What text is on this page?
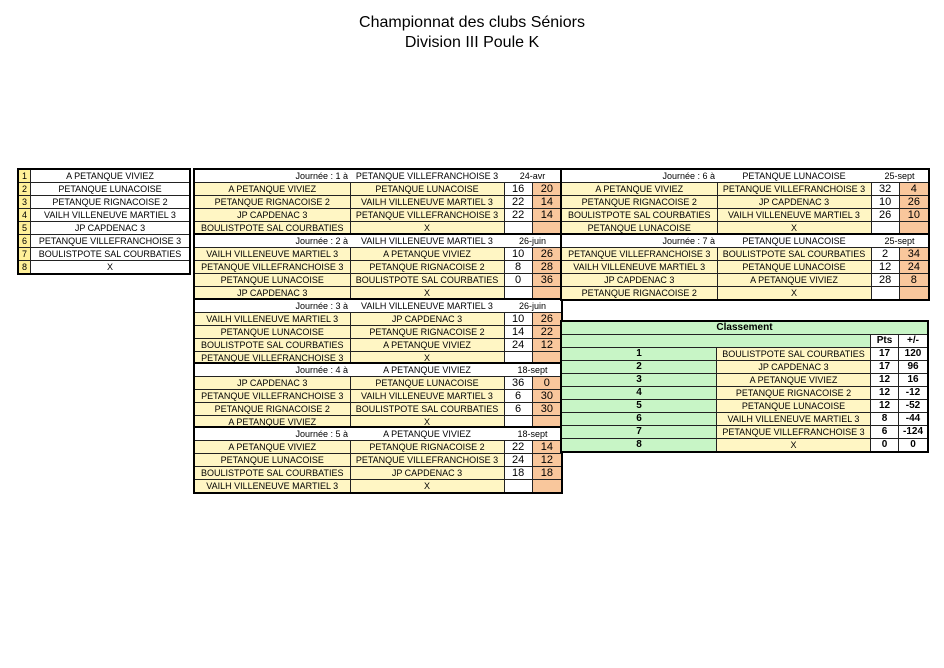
Championnat des clubs Séniors
Division III Poule K
1	A PETANQUE VIVIEZ
2	PETANQUE LUNACOISE
3	PETANQUE RIGNACOISE 2
4	VAILH VILLENEUVE MARTIEL 3
5	JP CAPDENAC 3
6	PETANQUE VILLEFRANCHOISE 3
7	BOULISTPOTE SAL COURBATIES
8	X
Journée : 1 à	PETANQUE VILLEFRANCHOISE 3	24-avr	
A PETANQUE VIVIEZ	PETANQUE LUNACOISE	16	20
PETANQUE RIGNACOISE 2	VAILH VILLENEUVE MARTIEL 3	22	14
JP CAPDENAC 3	PETANQUE VILLEFRANCHOISE 3	22	14
BOULISTPOTE SAL COURBATIES	X		
Journée : 2 à	VAILH VILLENEUVE MARTIEL 3	26-juin	
VAILH VILLENEUVE MARTIEL 3	A PETANQUE VIVIEZ	10	26
PETANQUE VILLEFRANCHOISE 3	PETANQUE RIGNACOISE 2	8	28
PETANQUE LUNACOISE	BOULISTPOTE SAL COURBATIES	0	36
JP CAPDENAC 3	X		
Journée : 3 à	VAILH VILLENEUVE MARTIEL 3	26-juin	
VAILH VILLENEUVE MARTIEL 3	JP CAPDENAC 3	10	26
PETANQUE LUNACOISE	PETANQUE RIGNACOISE 2	14	22
BOULISTPOTE SAL COURBATIES	A PETANQUE VIVIEZ	24	12
PETANQUE VILLEFRANCHOISE 3	X		
Journée : 4 à	A PETANQUE VIVIEZ	18-sept	
JP CAPDENAC 3	PETANQUE LUNACOISE	36	0
PETANQUE VILLEFRANCHOISE 3	VAILH VILLENEUVE MARTIEL 3	6	30
PETANQUE RIGNACOISE 2	BOULISTPOTE SAL COURBATIES	6	30
A PETANQUE VIVIEZ	X		
Journée : 5 à	A PETANQUE VIVIEZ	18-sept	
A PETANQUE VIVIEZ	PETANQUE RIGNACOISE 2	22	14
PETANQUE LUNACOISE	PETANQUE VILLEFRANCHOISE 3	24	12
BOULISTPOTE SAL COURBATIES	JP CAPDENAC 3	18	18
VAILH VILLENEUVE MARTIEL 3	X		
Journée : 6 à	PETANQUE LUNACOISE	25-sept	
A PETANQUE VIVIEZ	PETANQUE VILLEFRANCHOISE 3	32	4
PETANQUE RIGNACOISE 2	JP CAPDENAC 3	10	26
BOULISTPOTE SAL COURBATIES	VAILH VILLENEUVE MARTIEL 3	26	10
PETANQUE LUNACOISE	X		
Journée : 7 à	PETANQUE LUNACOISE	25-sept	
PETANQUE VILLEFRANCHOISE 3	BOULISTPOTE SAL COURBATIES	2	34
VAILH VILLENEUVE MARTIEL 3	PETANQUE LUNACOISE	12	24
JP CAPDENAC 3	A PETANQUE VIVIEZ	28	8
PETANQUE RIGNACOISE 2	X		
Classement			
		Pts	+/-
1	BOULISTPOTE SAL COURBATIES	17	120
2	JP CAPDENAC 3	17	96
3	A PETANQUE VIVIEZ	12	16
4	PETANQUE RIGNACOISE 2	12	-12
5	PETANQUE LUNACOISE	12	-52
6	VAILH VILLENEUVE MARTIEL 3	8	-44
7	PETANQUE VILLEFRANCHOISE 3	6	-124
8	X	0	0
